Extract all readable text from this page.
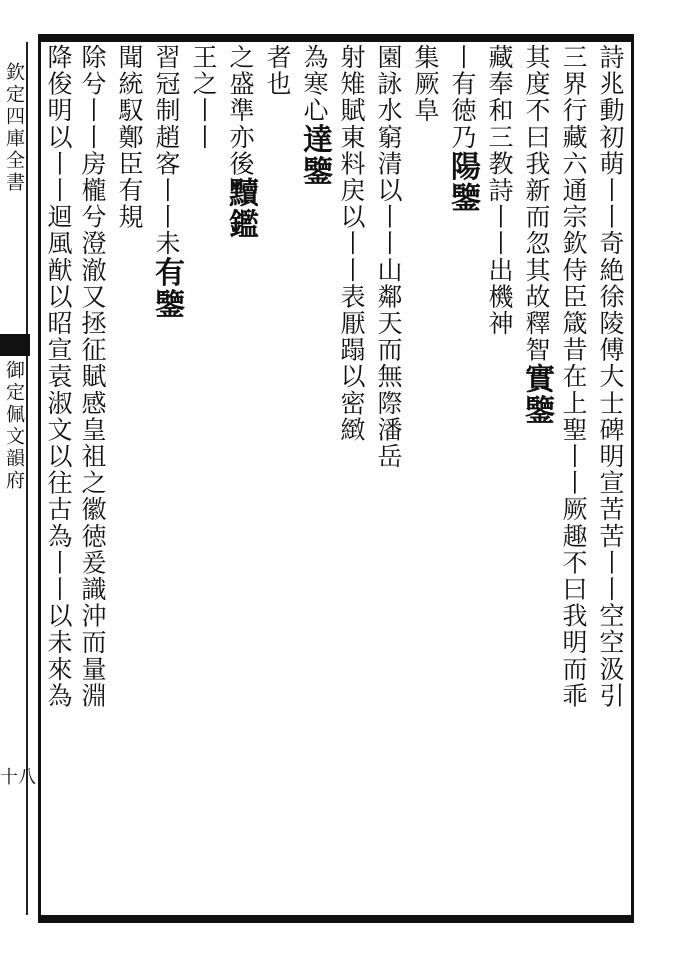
欽定四庫全書
御定佩文韻府
十八
詩兆動初萌丨丨奇絶徐陵傅大士碑明宣苦苦丨丨空空汲引
三界行藏六通宗欽侍臣箴昔在上聖丨丨厥趣不曰我明而乖
其度不曰我新而忽其故釋智實鑒
藏奉和三教詩丨丨出機神
丨有徳乃陽鑒
集厥阜
園詠水窮清以丨丨山鄰天而無際潘岳
射雉賦東料戻以丨丨表厭蹋以密緻
為寒心達鑒
者也
之盛準亦後黷鑑
王之丨丨
習冠制趙客丨丨未有鑒
聞統馭鄭臣有規
除兮丨丨房櫳兮澄澈又拯征賦感皇祖之徽徳爰識沖而量淵
降俊明以丨丨迴風猷以昭宣袁淑文以往古為丨丨以未來為
